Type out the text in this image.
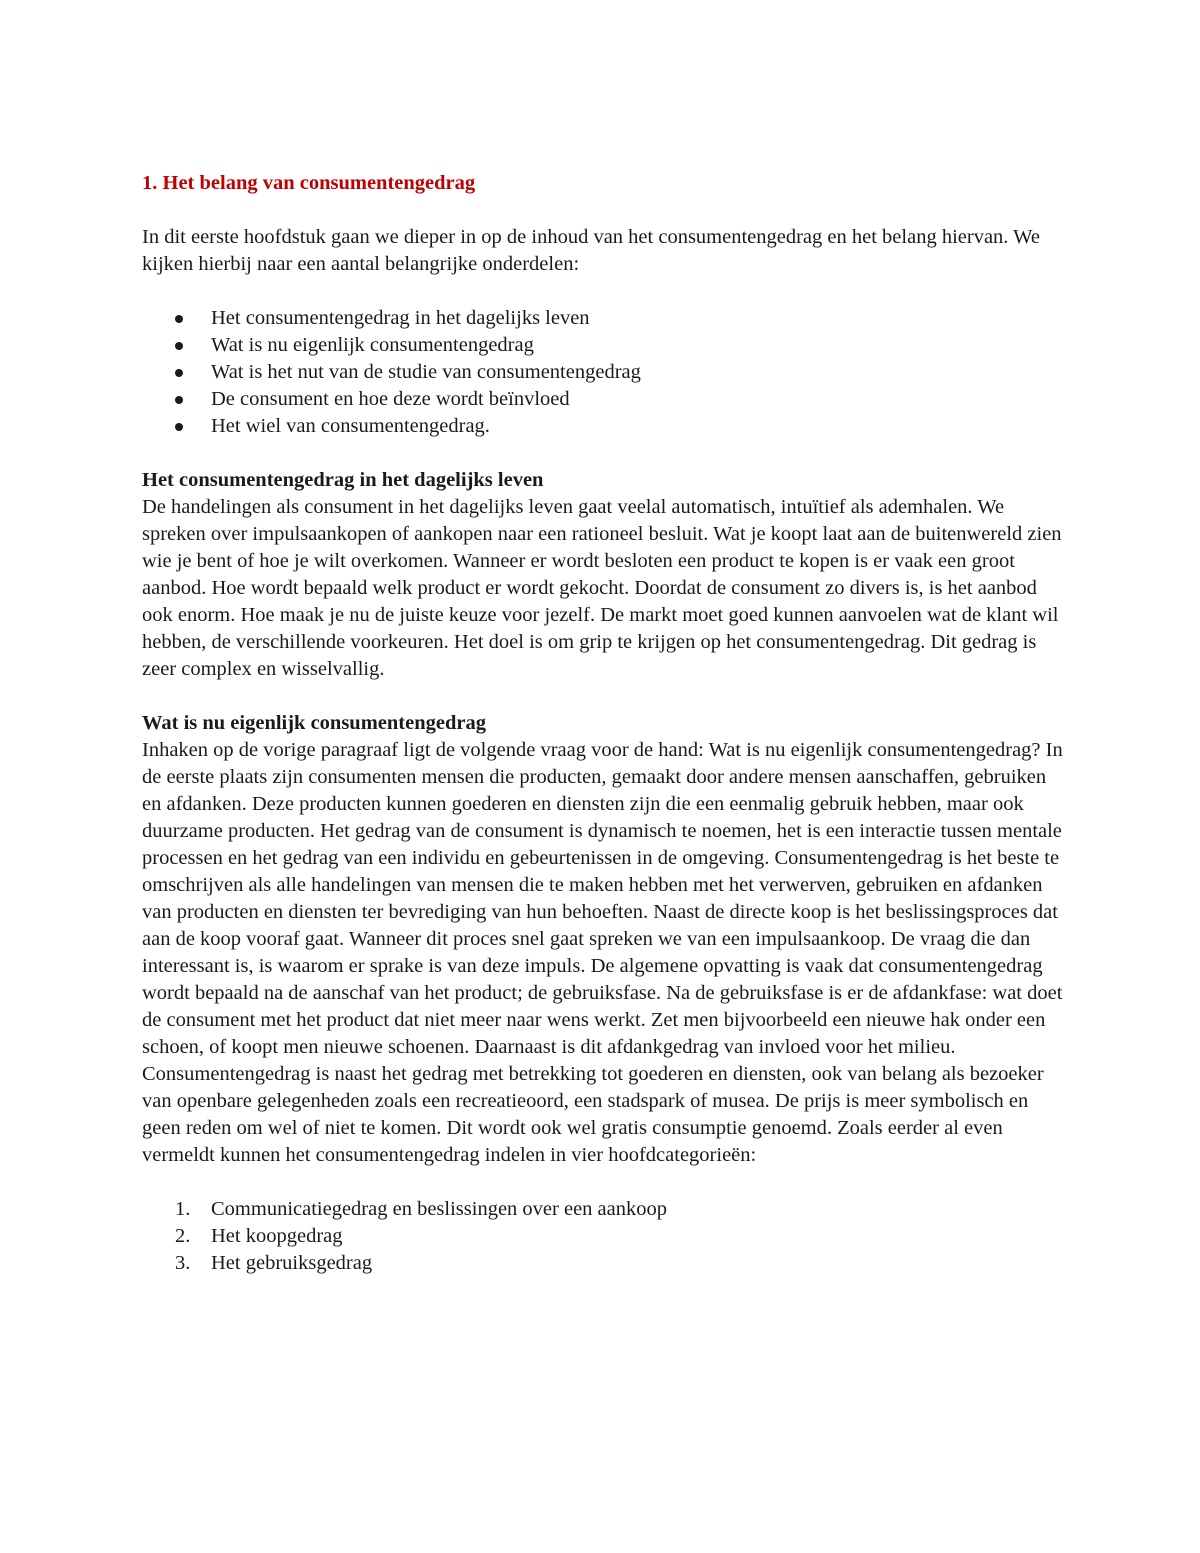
1. Het belang van consumentengedrag

In dit eerste hoofdstuk gaan we dieper in op de inhoud van het consumentengedrag en het belang hiervan. We kijken hierbij naar een aantal belangrijke onderdelen:

Het consumentengedrag in het dagelijks leven
Wat is nu eigenlijk consumentengedrag
Wat is het nut van de studie van consumentengedrag
De consument en hoe deze wordt beïnvloed
Het wiel van consumentengedrag.
Het consumentengedrag in het dagelijks leven

De handelingen als consument in het dagelijks leven gaat veelal automatisch, intuïtief als ademhalen. We spreken over impulsaankopen of aankopen naar een rationeel besluit. Wat je koopt laat aan de buitenwereld zien wie je bent of hoe je wilt overkomen. Wanneer er wordt besloten een product te kopen is er vaak een groot aanbod. Hoe wordt bepaald welk product er wordt gekocht. Doordat de consument zo divers is, is het aanbod ook enorm. Hoe maak je nu de juiste keuze voor jezelf. De markt moet goed kunnen aanvoelen wat de klant wil hebben, de verschillende voorkeuren. Het doel is om grip te krijgen op het consumentengedrag. Dit gedrag is zeer complex en wisselvallig.

Wat is nu eigenlijk consumentengedrag

Inhaken op de vorige paragraaf ligt de volgende vraag voor de hand: Wat is nu eigenlijk consumentengedrag? In de eerste plaats zijn consumenten mensen die producten, gemaakt door andere mensen aanschaffen, gebruiken en afdanken. Deze producten kunnen goederen en diensten zijn die een eenmalig gebruik hebben, maar ook duurzame producten. Het gedrag van de consument is dynamisch te noemen, het is een interactie tussen mentale processen en het gedrag van een individu en gebeurtenissen in de omgeving. Consumentengedrag is het beste te omschrijven als alle handelingen van mensen die te maken hebben met het verwerven, gebruiken en afdanken van producten en diensten ter bevrediging van hun behoeften. Naast de directe koop is het beslissingsproces dat aan de koop vooraf gaat. Wanneer dit proces snel gaat spreken we van een impulsaankoop. De vraag die dan interessant is, is waarom er sprake is van deze impuls. De algemene opvatting is vaak dat consumentengedrag wordt bepaald na de aanschaf van het product; de gebruiksfase. Na de gebruiksfase is er de afdankfase: wat doet de consument met het product dat niet meer naar wens werkt. Zet men bijvoorbeeld een nieuwe hak onder een schoen, of koopt men nieuwe schoenen. Daarnaast is dit afdankgedrag van invloed voor het milieu. Consumentengedrag is naast het gedrag met betrekking tot goederen en diensten, ook van belang als bezoeker van openbare gelegenheden zoals een recreatieoord, een stadspark of musea. De prijs is meer symbolisch en geen reden om wel of niet te komen. Dit wordt ook wel gratis consumptie genoemd. Zoals eerder al even vermeldt kunnen het consumentengedrag indelen in vier hoofdcategorieën:

1. Communicatiegedrag en beslissingen over een aankoop
2. Het koopgedrag
3. Het gebruiksgedrag
